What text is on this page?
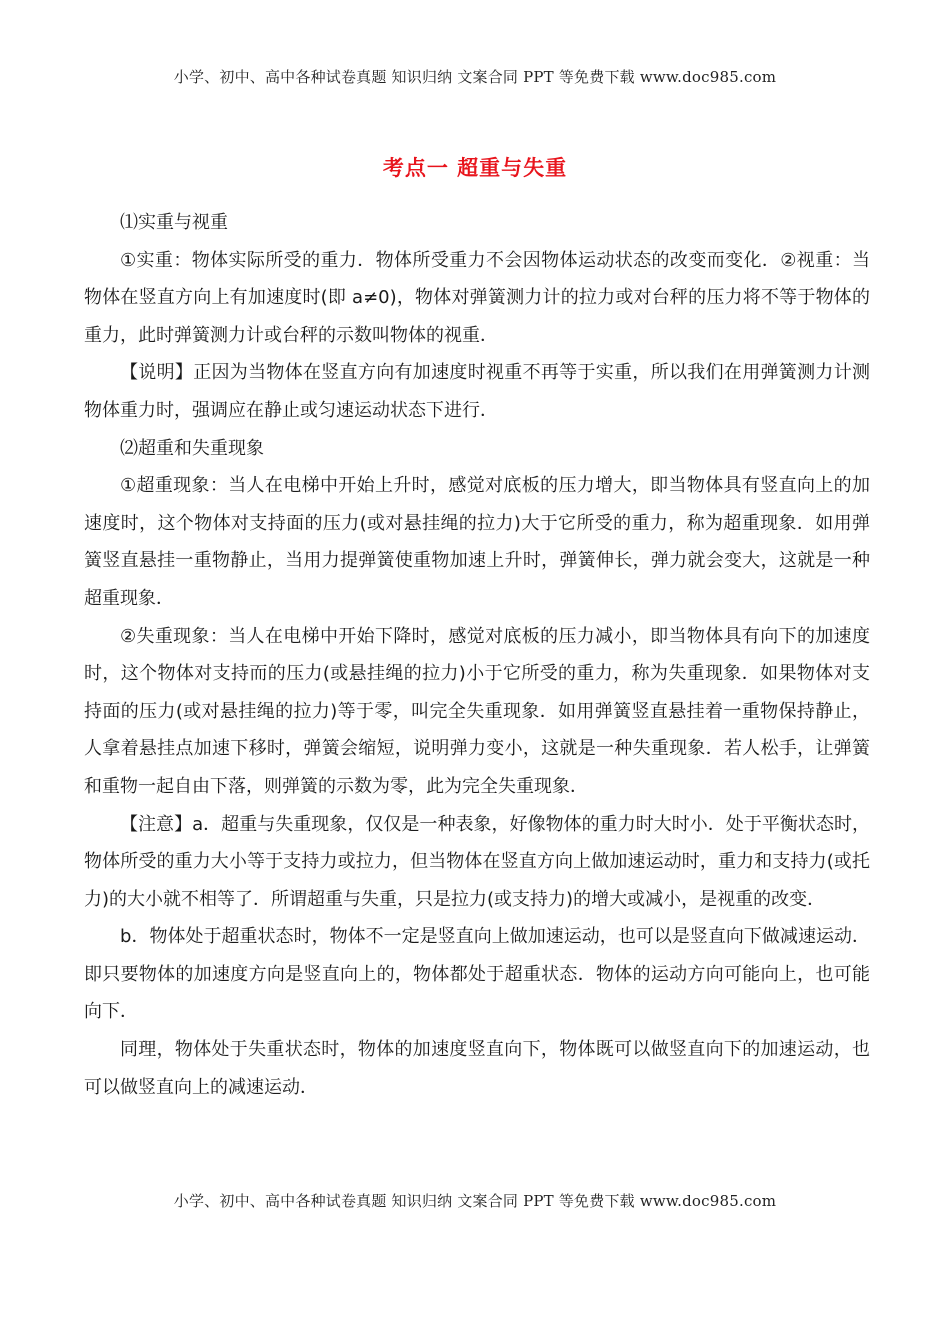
小学、初中、高中各种试卷真题 知识归纳 文案合同 PPT 等免费下载 www.doc985.com
考点一 超重与失重

⑴实重与视重

①实重：物体实际所受的重力．物体所受重力不会因物体运动状态的改变而变化．②视重：当物体在竖直方向上有加速度时(即 a≠0)，物体对弹簧测力计的拉力或对台秤的压力将不等于物体的重力，此时弹簧测力计或台秤的示数叫物体的视重．

【说明】正因为当物体在竖直方向有加速度时视重不再等于实重，所以我们在用弹簧测力计测物体重力时，强调应在静止或匀速运动状态下进行．

⑵超重和失重现象

①超重现象：当人在电梯中开始上升时，感觉对底板的压力增大，即当物体具有竖直向上的加速度时，这个物体对支持面的压力(或对悬挂绳的拉力)大于它所受的重力，称为超重现象．如用弹簧竖直悬挂一重物静止，当用力提弹簧使重物加速上升时，弹簧伸长，弹力就会变大，这就是一种超重现象．

②失重现象：当人在电梯中开始下降时，感觉对底板的压力减小，即当物体具有向下的加速度时，这个物体对支持而的压力(或悬挂绳的拉力)小于它所受的重力，称为失重现象．如果物体对支持面的压力(或对悬挂绳的拉力)等于零，叫完全失重现象．如用弹簧竖直悬挂着一重物保持静止，人拿着悬挂点加速下移时，弹簧会缩短，说明弹力变小，这就是一种失重现象．若人松手，让弹簧和重物一起自由下落，则弹簧的示数为零，此为完全失重现象．

【注意】a．超重与失重现象，仅仅是一种表象，好像物体的重力时大时小．处于平衡状态时，物体所受的重力大小等于支持力或拉力，但当物体在竖直方向上做加速运动时，重力和支持力(或托力)的大小就不相等了．所谓超重与失重，只是拉力(或支持力)的增大或减小，是视重的改变．

b．物体处于超重状态时，物体不一定是竖直向上做加速运动，也可以是竖直向下做减速运动．即只要物体的加速度方向是竖直向上的，物体都处于超重状态．物体的运动方向可能向上，也可能向下．

同理，物体处于失重状态时，物体的加速度竖直向下，物体既可以做竖直向下的加速运动，也可以做竖直向上的减速运动．

小学、初中、高中各种试卷真题 知识归纳 文案合同 PPT 等免费下载 www.doc985.com
